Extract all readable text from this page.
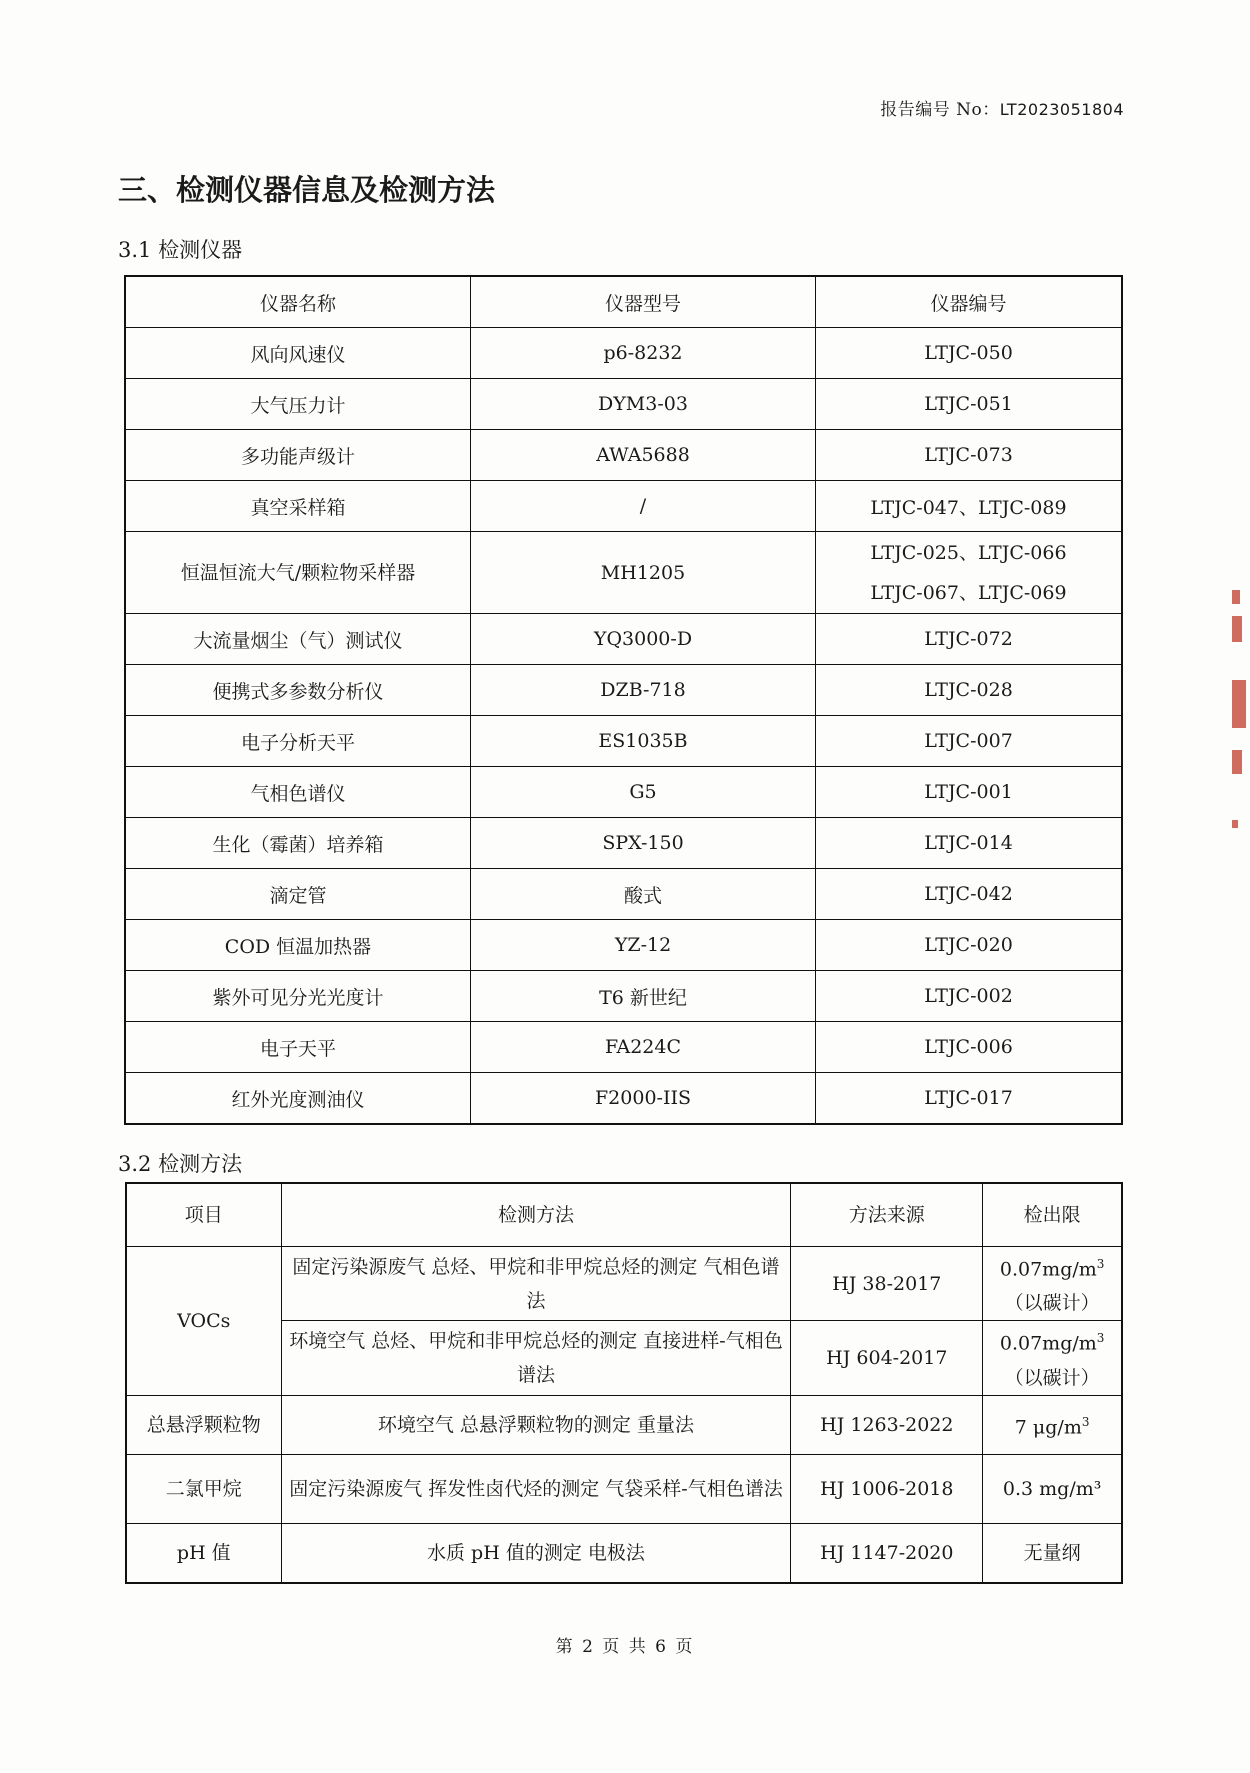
报告编号 No：LT2023051804
三、检测仪器信息及检测方法
3.1 检测仪器
仪器名称	仪器型号	仪器编号
风向风速仪	p6-8232	LTJC-050
大气压力计	DYM3-03	LTJC-051
多功能声级计	AWA5688	LTJC-073
真空采样箱	/	LTJC-047、LTJC-089
恒温恒流大气/颗粒物采样器	MH1205	LTJC-025、LTJC-066
LTJC-067、LTJC-069

大流量烟尘（气）测试仪	YQ3000-D	LTJC-072
便携式多参数分析仪	DZB-718	LTJC-028
电子分析天平	ES1035B	LTJC-007
气相色谱仪	G5	LTJC-001
生化（霉菌）培养箱	SPX-150	LTJC-014
滴定管	酸式	LTJC-042
COD 恒温加热器	YZ-12	LTJC-020
紫外可见分光光度计	T6 新世纪	LTJC-002
电子天平	FA224C	LTJC-006
红外光度测油仪	F2000-IIS	LTJC-017
3.2 检测方法
项目	检测方法	方法来源	检出限
VOCs	固定污染源废气 总烃、甲烷和非甲烷总烃的测定 气相色谱法	HJ 38-2017	$0.07mg/m^3$
（以碳计）

	环境空气 总烃、甲烷和非甲烷总烃的测定 直接进样-气相色谱法	HJ 604-2017	$0.07mg/m^3$
（以碳计）

总悬浮颗粒物	环境空气 总悬浮颗粒物的测定 重量法	HJ 1263-2022	7 $\mu g/m^3$
二氯甲烷	固定污染源废气 挥发性卤代烃的测定 气袋采样-气相色谱法	HJ 1006-2018	0.3 mg/m³
pH 值	水质 pH 值的测定 电极法	HJ 1147-2020	无量纲
第 2 页 共 6 页
